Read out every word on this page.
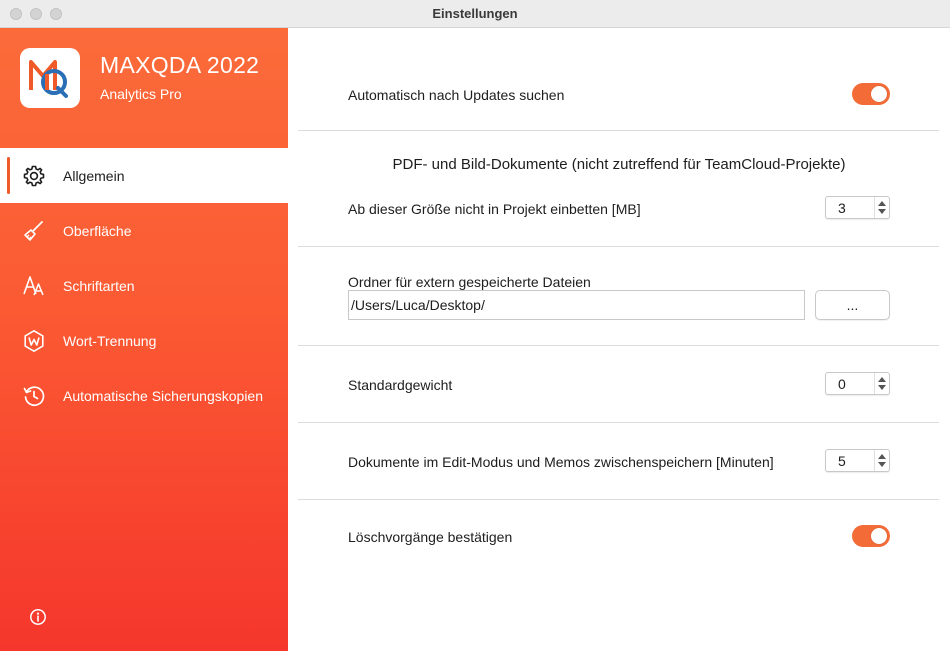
Einstellungen
MAXQDA 2022
Analytics Pro
Allgemein
Oberfläche
Schriftarten
Wort-Trennung
Automatische Sicherungskopien
Automatisch nach Updates suchen
PDF- und Bild-Dokumente (nicht zutreffend für TeamCloud-Projekte)
Ab dieser Größe nicht in Projekt einbetten [MB]	3
Ordner für extern gespeicherte Dateien
/Users/Luca/Desktop/	...
Standardgewicht	0
Dokumente im Edit-Modus und Memos zwischenspeichern [Minuten]	5
Löschvorgänge bestätigen
